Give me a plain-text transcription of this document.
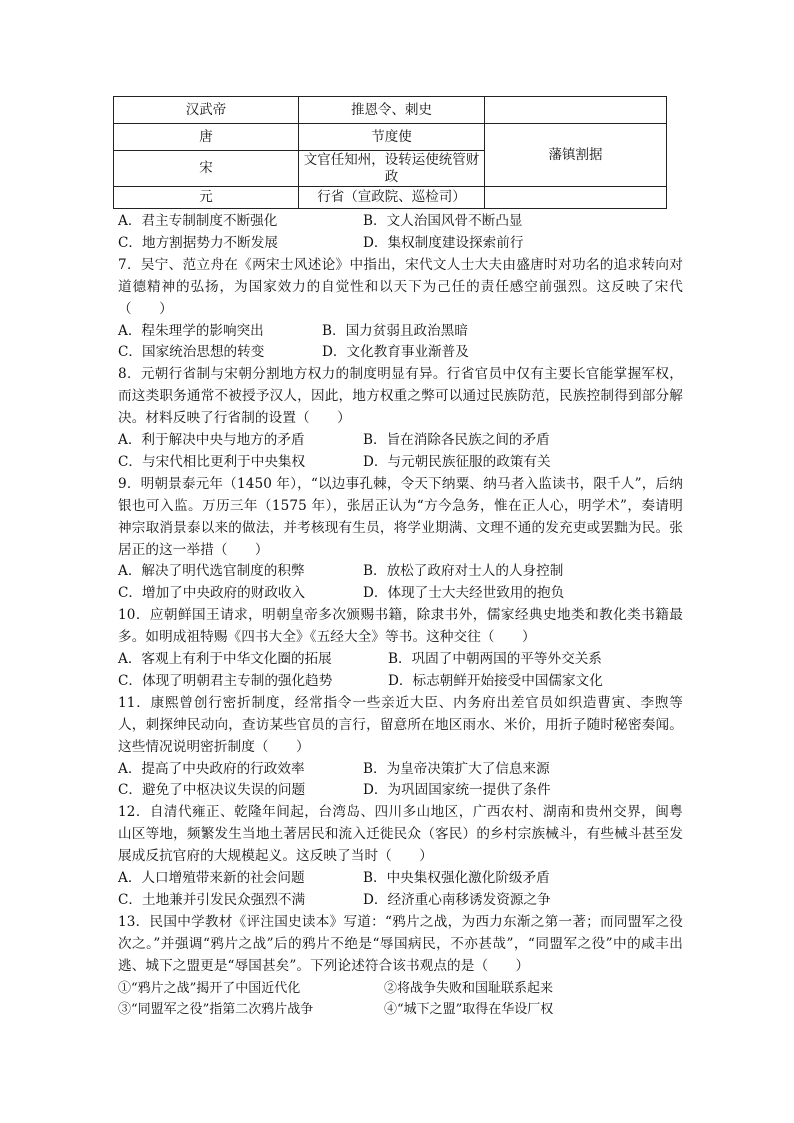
汉武帝	推恩令、刺史	
唐	节度使	藩镇割据
宋	文官任知州，设转运使统管财政	
元	行省（宣政院、巡检司）	
A．君主专制制度不断强化	B．文人治国风骨不断凸显
C．地方割据势力不断发展	D．集权制度建设探索前行
7．吴宁、范立舟在《两宋士风述论》中指出，宋代文人士大夫由盛唐时对功名的追求转向对道德精神的弘扬，为国家效力的自觉性和以天下为己任的责任感空前强烈。这反映了宋代（　　）
A．程朱理学的影响突出	B．国力贫弱且政治黑暗
C．国家统治思想的转变	D．文化教育事业渐普及
8．元朝行省制与宋朝分割地方权力的制度明显有异。行省官员中仅有主要长官能掌握军权，而这类职务通常不被授予汉人，因此，地方权重之弊可以通过民族防范，民族控制得到部分解决。材料反映了行省制的设置（　　）
A．利于解决中央与地方的矛盾	B．旨在消除各民族之间的矛盾
C．与宋代相比更利于中央集权	D．与元朝民族征服的政策有关
9．明朝景泰元年（1450 年），“以边事孔棘，令天下纳粟、纳马者入监读书，限千人”，后纳银也可入监。万历三年（1575 年），张居正认为“方今急务，惟在正人心，明学术”，奏请明神宗取消景泰以来的做法，并考核现有生员，将学业期满、文理不通的发充吏或罢黜为民。张居正的这一举措（　　）
A．解决了明代选官制度的积弊	B．放松了政府对士人的人身控制
C．增加了中央政府的财政收入	D．体现了士大夫经世致用的抱负
10．应朝鲜国王请求，明朝皇帝多次颁赐书籍，除隶书外，儒家经典史地类和教化类书籍最多。如明成祖特赐《四书大全》《五经大全》等书。这种交往（　　）
A．客观上有利于中华文化圈的拓展	B．巩固了中朝两国的平等外交关系
C．体现了明朝君主专制的强化趋势	D．标志朝鲜开始接受中国儒家文化
11．康熙曾创行密折制度，经常指令一些亲近大臣、内务府出差官员如织造曹寅、李煦等人，刺探绅民动向，查访某些官员的言行，留意所在地区雨水、米价，用折子随时秘密奏闻。这些情况说明密折制度（　　）
A．提高了中央政府的行政效率	B．为皇帝决策扩大了信息来源
C．避免了中枢决议失误的问题	D．为巩固国家统一提供了条件
12．自清代雍正、乾隆年间起，台湾岛、四川多山地区，广西农村、湖南和贵州交界，闽粤山区等地，频繁发生当地土著居民和流入迁徙民众（客民）的乡村宗族械斗，有些械斗甚至发展成反抗官府的大规模起义。这反映了当时（　　）
A．人口增殖带来新的社会问题	B．中央集权强化激化阶级矛盾
C．土地兼并引发民众强烈不满	D．经济重心南移诱发资源之争
13．民国中学教材《评注国史读本》写道：“鸦片之战，为西力东渐之第一著；而同盟军之役次之。”并强调“鸦片之战”后的鸦片不绝是“辱国病民，不亦甚哉”，“同盟军之役”中的咸丰出逃、城下之盟更是“辱国甚矣”。下列论述符合该书观点的是（　　）
①“鸦片之战”揭开了中国近代化	②将战争失败和国耻联系起来
③“同盟军之役”指第二次鸦片战争	④“城下之盟”取得在华设厂权
